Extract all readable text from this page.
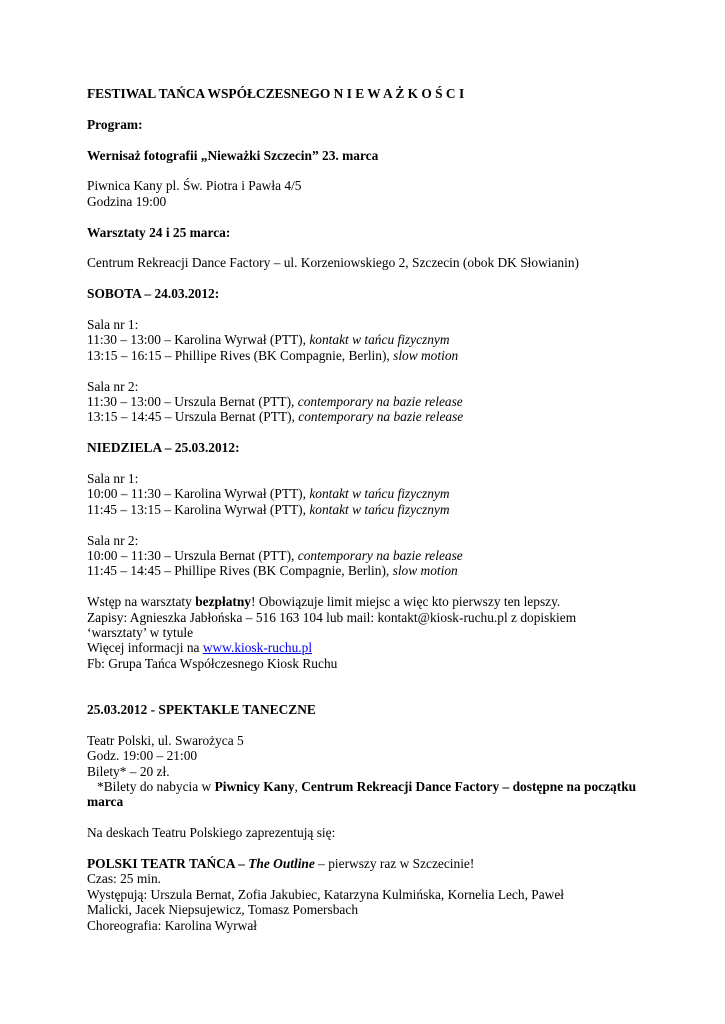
FESTIWAL TAŃCA WSPÓŁCZESNEGO N I E W A Ż K O Ś C I
Program:
Wernisaż fotografii „Nieważki Szczecin” 23. marca
Piwnica Kany pl. Św. Piotra i Pawła 4/5
Godzina 19:00
Warsztaty 24 i 25 marca:
Centrum Rekreacji Dance Factory – ul. Korzeniowskiego 2, Szczecin (obok DK Słowianin)
SOBOTA – 24.03.2012:
Sala nr 1:
11:30 – 13:00 – Karolina Wyrwał (PTT), kontakt w tańcu fizycznym
13:15 – 16:15 – Phillipe Rives (BK Compagnie, Berlin), slow motion
Sala nr 2:
11:30 – 13:00 – Urszula Bernat (PTT), contemporary na bazie release
13:15 – 14:45 – Urszula Bernat (PTT), contemporary na bazie release
NIEDZIELA – 25.03.2012:
Sala nr 1:
10:00 – 11:30 – Karolina Wyrwał (PTT), kontakt w tańcu fizycznym
11:45 – 13:15 – Karolina Wyrwał (PTT), kontakt w tańcu fizycznym
Sala nr 2:
10:00 – 11:30 – Urszula Bernat (PTT), contemporary na bazie release
11:45 – 14:45 – Phillipe Rives (BK Compagnie, Berlin), slow motion
Wstęp na warsztaty bezpłatny! Obowiązuje limit miejsc a więc kto pierwszy ten lepszy.
Zapisy: Agnieszka Jabłońska – 516 163 104 lub mail: kontakt@kiosk-ruchu.pl z dopiskiem
‘warsztaty’ w tytule
Więcej informacji na www.kiosk-ruchu.pl
Fb: Grupa Tańca Współczesnego Kiosk Ruchu
25.03.2012 - SPEKTAKLE TANECZNE
Teatr Polski, ul. Swarożyca 5
Godz. 19:00 – 21:00
Bilety* – 20 zł.
*Bilety do nabycia w Piwnicy Kany, Centrum Rekreacji Dance Factory – dostępne na początku
marca
Na deskach Teatru Polskiego zaprezentują się:
POLSKI TEATR TAŃCA – The Outline – pierwszy raz w Szczecinie!
Czas: 25 min.
Występują: Urszula Bernat, Zofia Jakubiec, Katarzyna Kulmińska, Kornelia Lech, Paweł
Malicki, Jacek Niepsujewicz, Tomasz Pomersbach
Choreografia: Karolina Wyrwał
